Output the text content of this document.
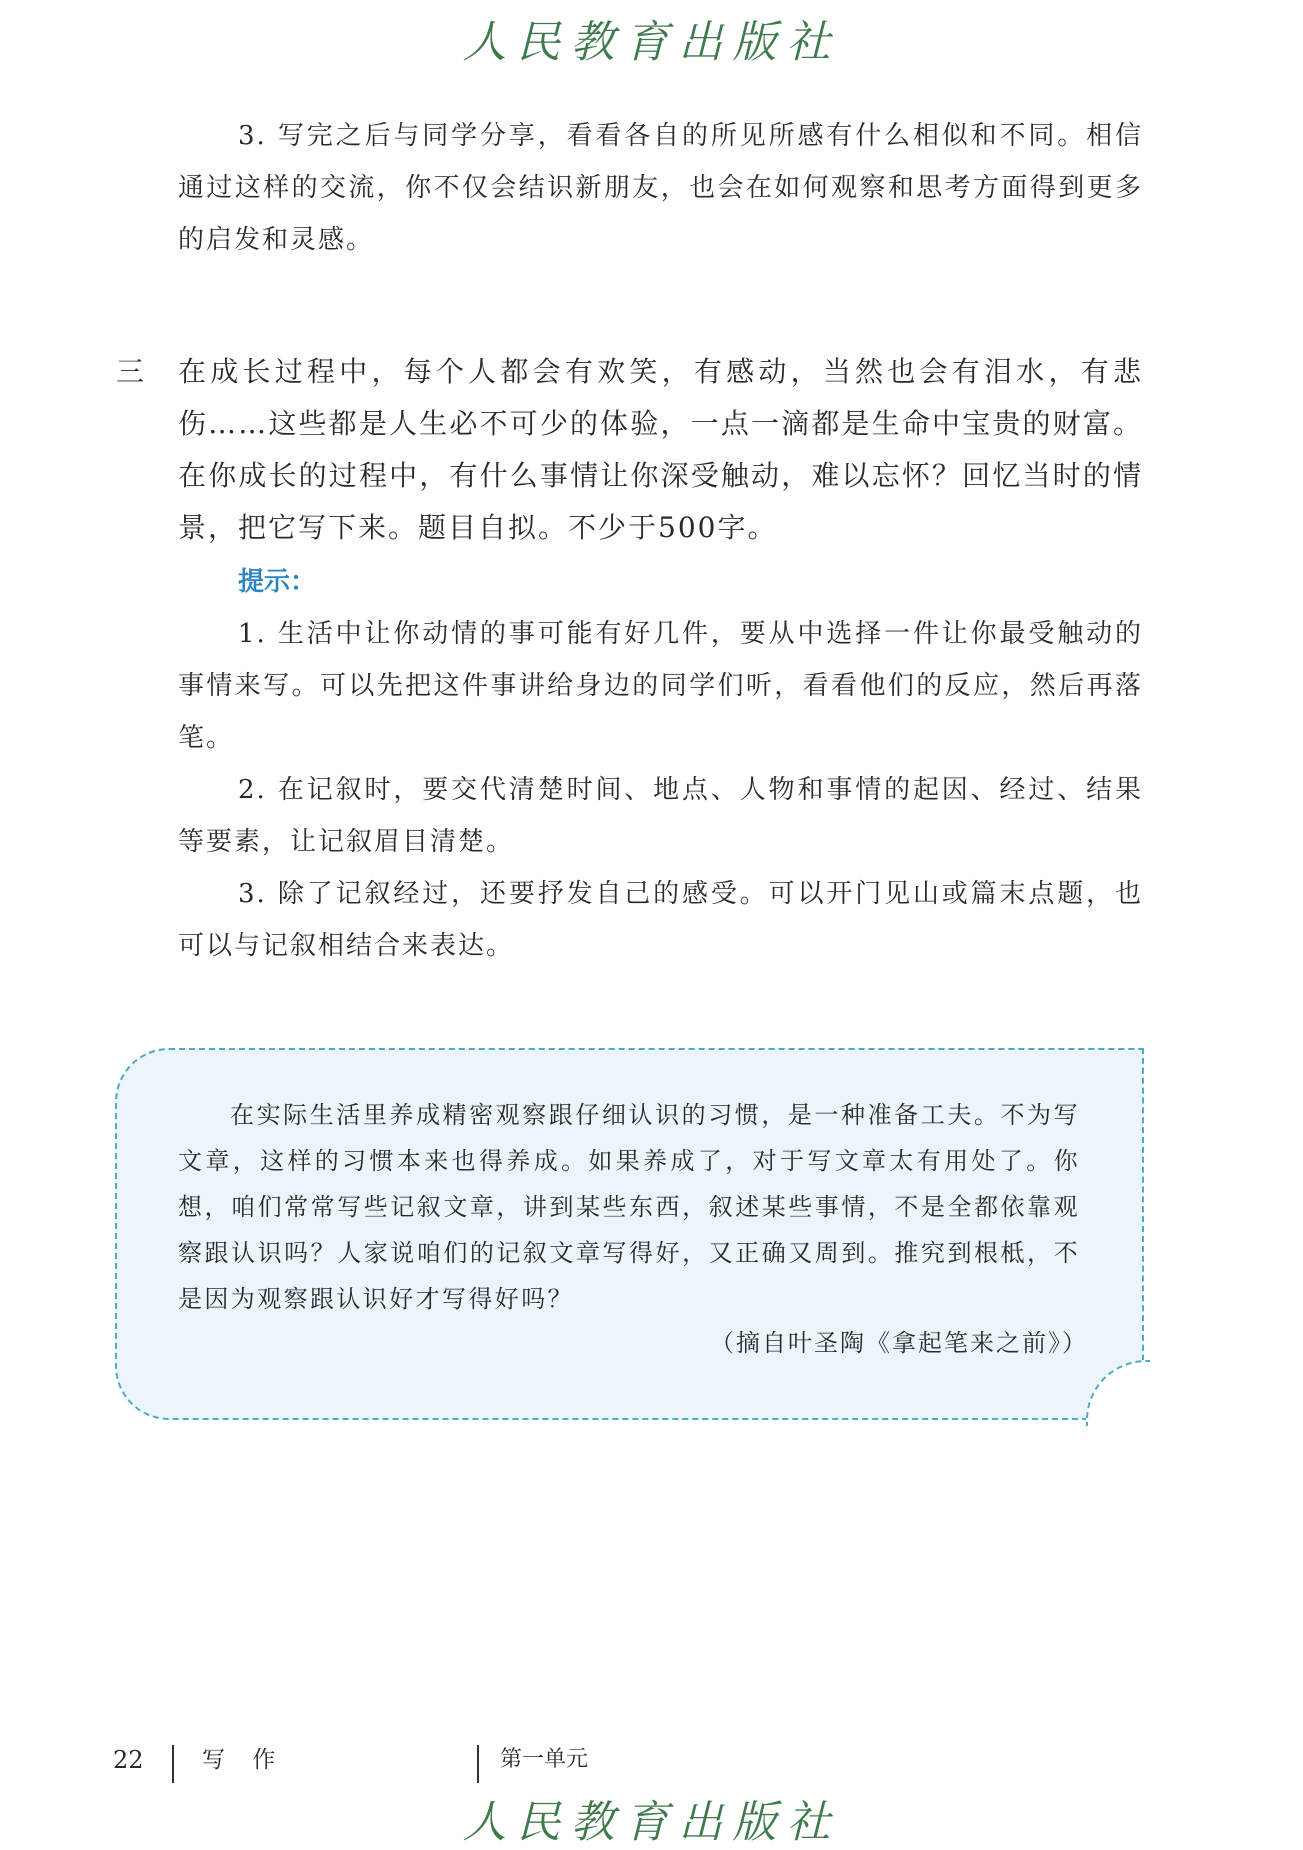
人民教育出版社

3. 写完之后与同学分享，看看各自的所见所感有什么相似和不同。相信通过这样的交流，你不仅会结识新朋友，也会在如何观察和思考方面得到更多的启发和灵感。

三 在成长过程中，每个人都会有欢笑，有感动，当然也会有泪水，有悲伤……这些都是人生必不可少的体验，一点一滴都是生命中宝贵的财富。在你成长的过程中，有什么事情让你深受触动，难以忘怀？回忆当时的情景，把它写下来。题目自拟。不少于500字。

提示：

1. 生活中让你动情的事可能有好几件，要从中选择一件让你最受触动的事情来写。可以先把这件事讲给身边的同学们听，看看他们的反应，然后再落笔。

2. 在记叙时，要交代清楚时间、地点、人物和事情的起因、经过、结果等要素，让记叙眉目清楚。

3. 除了记叙经过，还要抒发自己的感受。可以开门见山或篇末点题，也可以与记叙相结合来表达。

在实际生活里养成精密观察跟仔细认识的习惯，是一种准备工夫。不为写文章，这样的习惯本来也得养成。如果养成了，对于写文章太有用处了。你想，咱们常常写些记叙文章，讲到某些东西，叙述某些事情，不是全都依靠观察跟认识吗？人家说咱们的记叙文章写得好，又正确又周到。推究到根柢，不是因为观察跟认识好才写得好吗？

（摘自叶圣陶《拿起笔来之前》）
22	写 作	第一单元
人民教育出版社
